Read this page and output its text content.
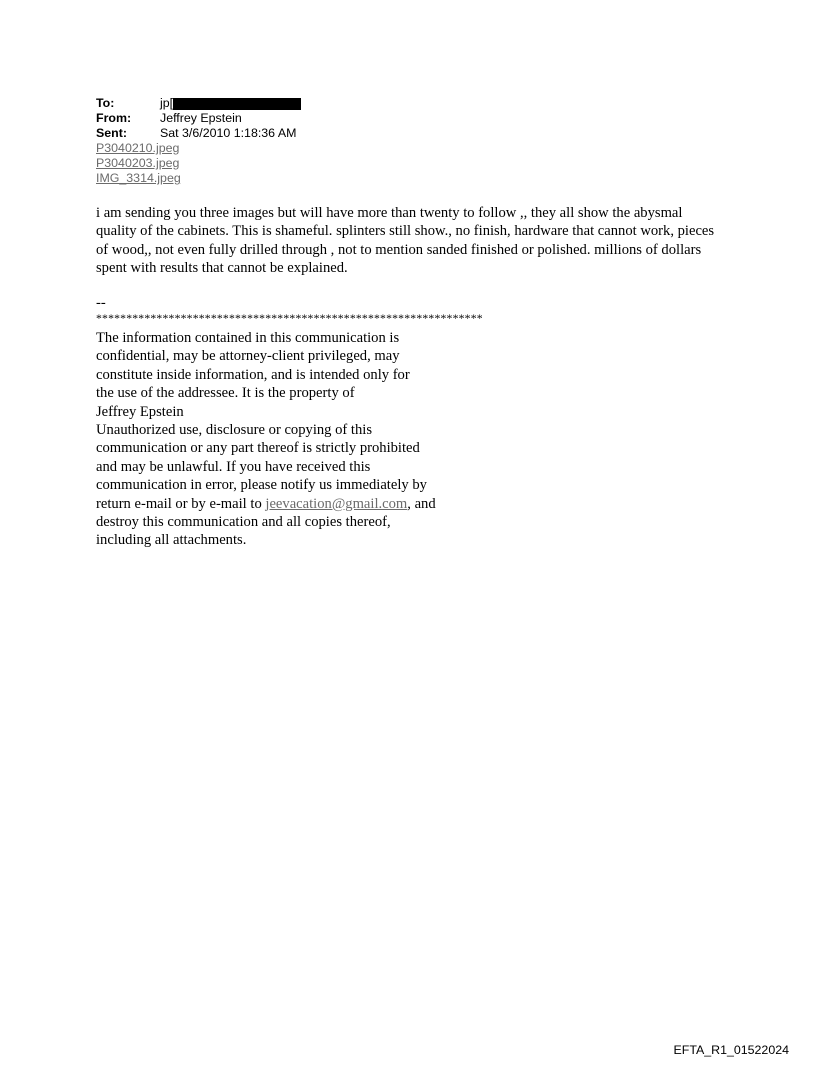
To:	jp[
From:	Jeffrey Epstein
Sent:	Sat 3/6/2010 1:18:36 AM
P3040210.jpeg
P3040203.jpeg
IMG_3314.jpeg

i am sending you three images but will have more than twenty to follow ,, they all show the abysmal quality of the cabinets. This is shameful. splinters still show., no finish, hardware that cannot work, pieces of wood,, not even fully drilled through , not to mention sanded finished or polished. millions of dollars spent with results that cannot be explained.

--
****************************************************************
The information contained in this communication is
confidential, may be attorney-client privileged, may
constitute inside information, and is intended only for
the use of the addressee. It is the property of
Jeffrey Epstein
Unauthorized use, disclosure or copying of this
communication or any part thereof is strictly prohibited
and may be unlawful. If you have received this
communication in error, please notify us immediately by
return e-mail or by e-mail to jeevacation@gmail.com, and
destroy this communication and all copies thereof,
including all attachments.
EFTA_R1_01522024
